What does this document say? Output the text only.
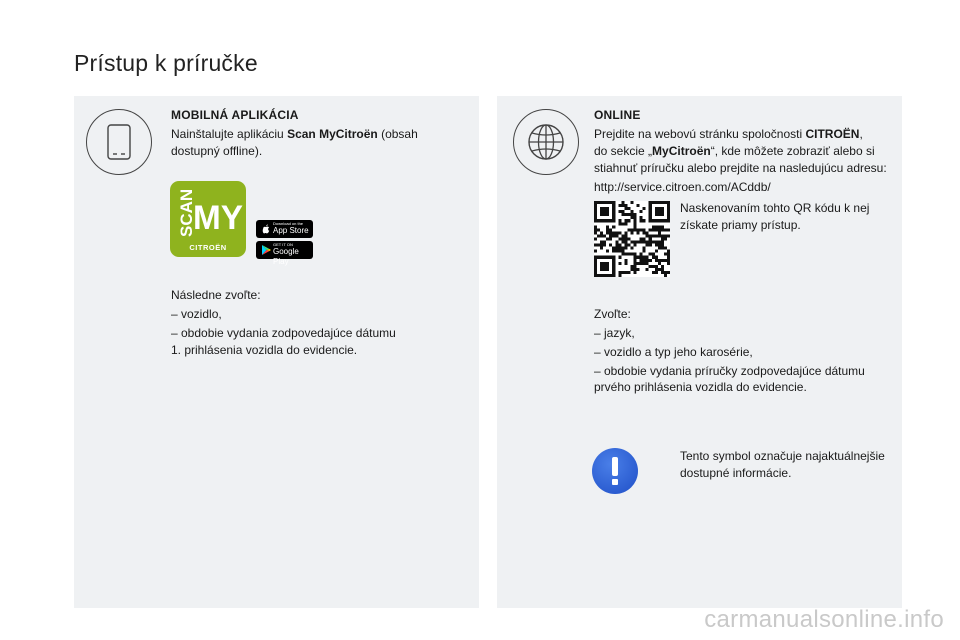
Prístup k príručke
MOBILNÁ APLIKÁCIA
Nainštalujte aplikáciu Scan MyCitroën (obsah
dostupný offline).
SCAN
MY
CITROËN
Download on the
App Store
GET IT ON
Google Play
Následne zvoľte:
– vozidlo,
– obdobie vydania zodpovedajúce dátumu
1. prihlásenia vozidla do evidencie.
ONLINE
Prejdite na webovú stránku spoločnosti CITROËN,
do sekcie „MyCitroën“, kde môžete zobraziť alebo si
stiahnuť príručku alebo prejdite na nasledujúcu adresu:
http://service.citroen.com/ACddb/
Naskenovaním tohto QR kódu k nej
získate priamy prístup.
Zvoľte:
– jazyk,
– vozidlo a typ jeho karosérie,
– obdobie vydania príručky zodpovedajúce dátumu
prvého prihlásenia vozidla do evidencie.
Tento symbol označuje najaktuálnejšie
dostupné informácie.
carmanualsonline.info
